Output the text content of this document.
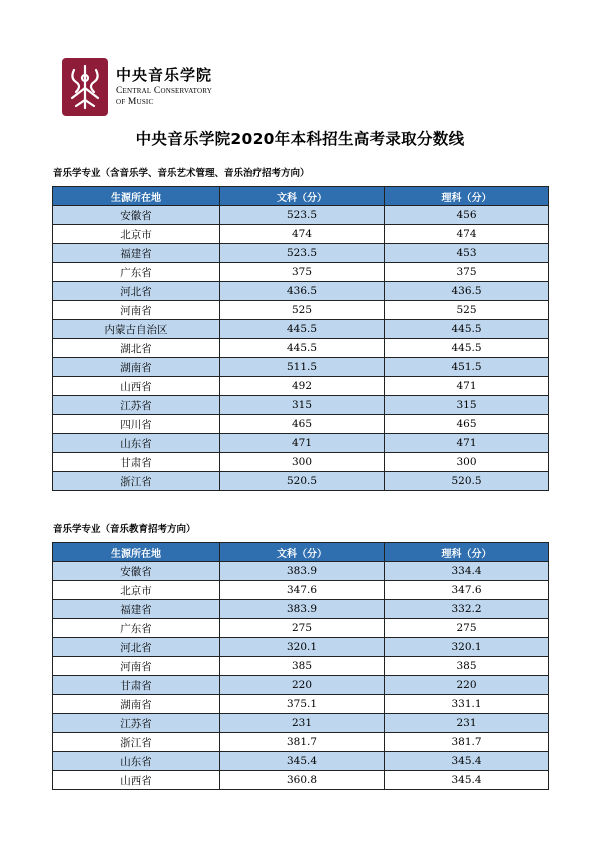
中央音乐学院
Central Conservatory
of Music
中央音乐学院2020年本科招生高考录取分数线
音乐学专业（含音乐学、音乐艺术管理、音乐治疗招考方向）
生源所在地	文科（分）	理科（分）
安徽省	523.5	456
北京市	474	474
福建省	523.5	453
广东省	375	375
河北省	436.5	436.5
河南省	525	525
内蒙古自治区	445.5	445.5
湖北省	445.5	445.5
湖南省	511.5	451.5
山西省	492	471
江苏省	315	315
四川省	465	465
山东省	471	471
甘肃省	300	300
浙江省	520.5	520.5
音乐学专业（音乐教育招考方向）
生源所在地	文科（分）	理科（分）
安徽省	383.9	334.4
北京市	347.6	347.6
福建省	383.9	332.2
广东省	275	275
河北省	320.1	320.1
河南省	385	385
甘肃省	220	220
湖南省	375.1	331.1
江苏省	231	231
浙江省	381.7	381.7
山东省	345.4	345.4
山西省	360.8	345.4
